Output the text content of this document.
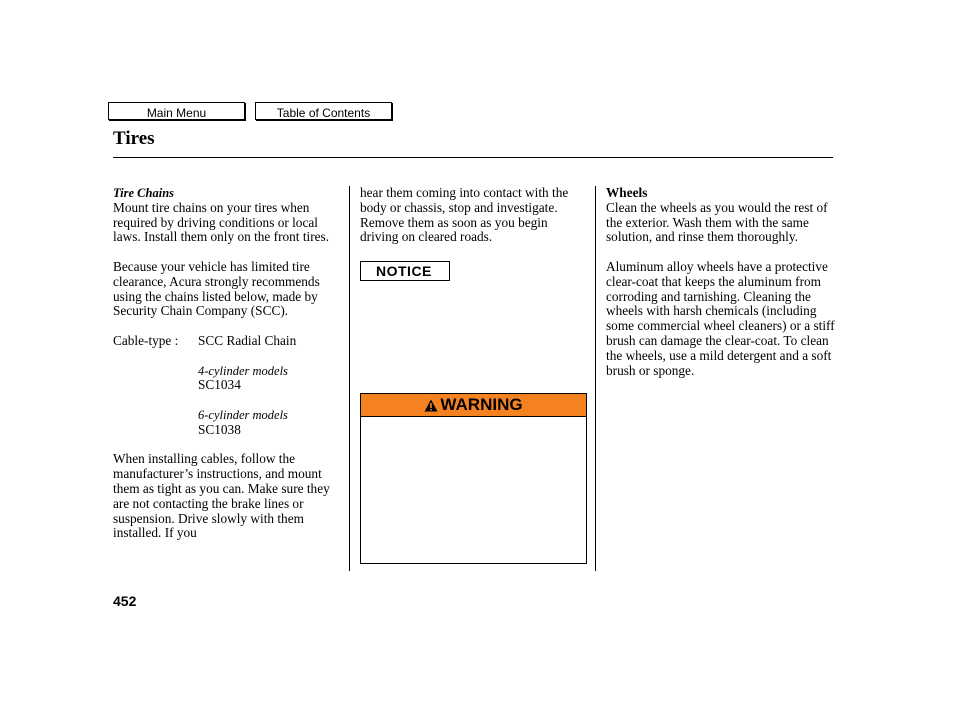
Main Menu	Table of Contents
Tires
Tire Chains

Mount tire chains on your tires when required by driving conditions or local laws. Install them only on the front tires.

Because your vehicle has limited tire clearance, Acura strongly recommends using the chains listed below, made by Security Chain Company (SCC).

Cable-type :	SCC Radial Chain

4-cylinder models

SC1034

6-cylinder models

SC1038

When installing cables, follow the manufacturer’s instructions, and mount them as tight as you can. Make sure they are not contacting the brake lines or suspension. Drive slowly with them installed. If you

hear them coming into contact with the body or chassis, stop and investigate. Remove them as soon as you begin driving on cleared roads.

NOTICE
WARNING
Wheels

Clean the wheels as you would the rest of the exterior. Wash them with the same solution, and rinse them thoroughly.

Aluminum alloy wheels have a protective clear-coat that keeps the aluminum from corroding and tarnishing. Cleaning the wheels with harsh chemicals (including some commercial wheel cleaners) or a stiff brush can damage the clear-coat. To clean the wheels, use a mild detergent and a soft brush or sponge.

452
